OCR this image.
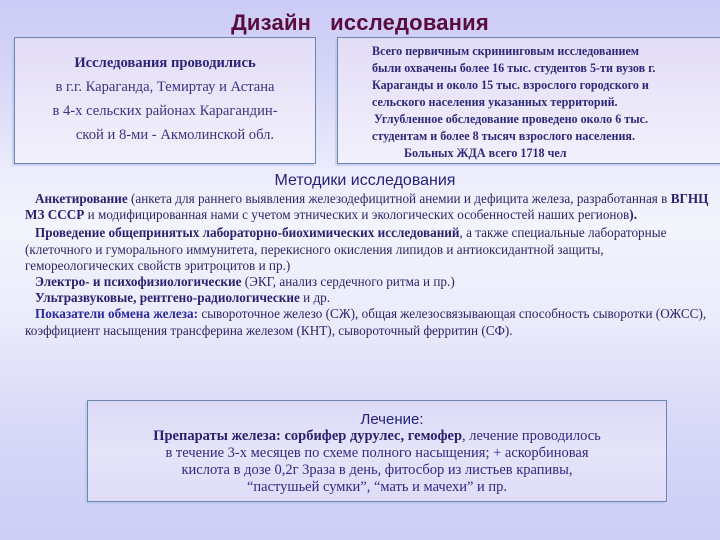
Дизайн исследования
Исследования проводились
в г.г. Караганда, Темиртау и Астана
в 4-х сельских районах Карагандин-
ской и 8-ми - Акмолинской обл.
Всего первичным скрининговым исследованием
были охвачены более 16 тыс. студентов 5-ти вузов г.
Караганды и около 15 тыс. взрослого городского и
сельского населения указанных территорий.
Углубленное обследование проведено около 6 тыс.
студентам и более 8 тысяч взрослого населения.
Больных ЖДА всего 1718 чел
Методики исследования

Анкетирование (анкета для раннего выявления железодефицитной анемии и дефицита железа, разработанная в ВГНЦ МЗ СССР и модифицированная нами с учетом этнических и экологических особенностей наших регионов).

Проведение общепринятых лабораторно-биохимических исследований, а также специальные лабораторные (клеточного и гуморального иммунитета, перекисного окисления липидов и антиоксидантной защиты, гемореологических свойств эритроцитов и пр.)

Электро- и психофизиологические (ЭКГ, анализ сердечного ритма и пр.)

Ультразвуковые, рентгено-радиологические и др.

Показатели обмена железа: сывороточное железо (СЖ), общая железосвязывающая способность сыворотки (ОЖСС), коэффициент насыщения трансферина железом (КНТ), сывороточный ферритин (СФ).

Лечение:
Препараты железа: сорбифер дурулес, гемофер, лечение проводилось
в течение 3-х месяцев по схеме полного насыщения; + аскорбиновая
кислота в дозе 0,2г 3раза в день, фитосбор из листьев крапивы,
“пастушьей сумки”, “мать и мачехи” и пр.
